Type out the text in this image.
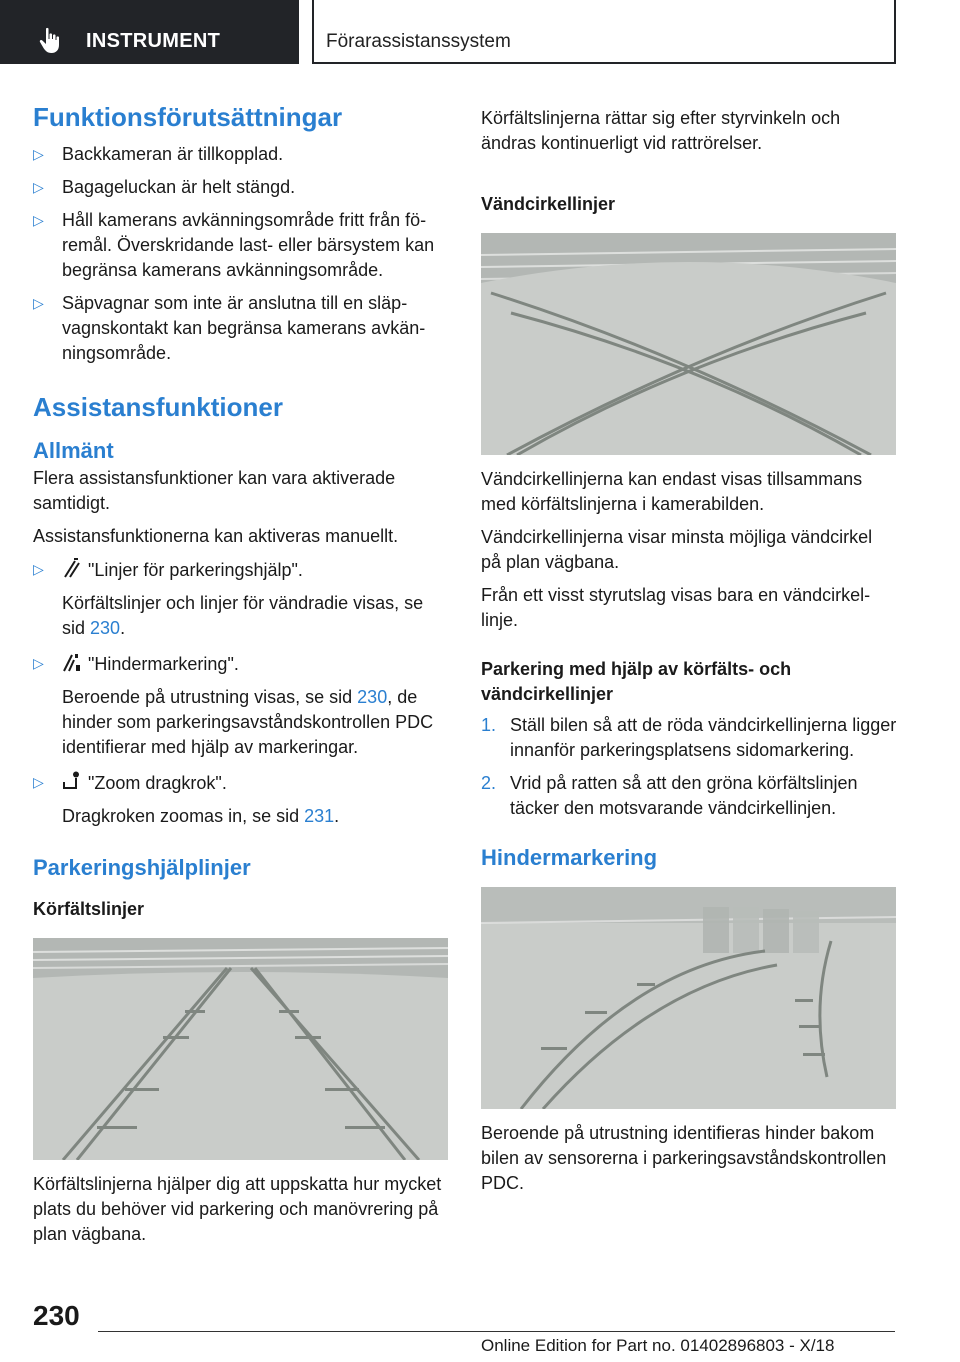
INSTRUMENT	Förarassistanssystem
Funktionsförutsättningar
▷ Backkameran är tillkopplad.
▷ Bagageluckan är helt stängd.
▷ Håll kamerans avkänningsområde fritt från föremål. Överskridande last- eller bärsystem kan begränsa kamerans avkänningsområde.
▷ Säpvagnar som inte är anslutna till en släpvagnskontakt kan begränsa kamerans avkänningsområde.
Assistansfunktioner
Allmänt

Flera assistansfunktioner kan vara aktiverade samtidigt.

Assistansfunktionerna kan aktiveras manuellt.

▷ "Linjer för parkeringshjälp".
Körfältslinjer och linjer för vändradie visas, se sid 230.
▷ "Hindermarkering".
Beroende på utrustning visas, se sid 230, de hinder som parkeringsavståndskontrollen PDC identifierar med hjälp av markeringar.
▷ "Zoom dragkrok".
Dragkroken zoomas in, se sid 231.
Parkeringshjälplinjer
Körfältslinjer

Körfältslinjerna hjälper dig att uppskatta hur mycket plats du behöver vid parkering och manövrering på plan vägbana.

Körfältslinjerna rättar sig efter styrvinkeln och ändras kontinuerligt vid rattrörelser.

Vändcirkellinjer

Vändcirkellinjerna kan endast visas tillsammans med körfältslinjerna i kamerabilden.

Vändcirkellinjerna visar minsta möjliga vändcirkel på plan vägbana.

Från ett visst styrutslag visas bara en vändcirkellinje.

Parkering med hjälp av körfälts- och vändcirkellinjer
1. Ställ bilen så att de röda vändcirkellinjerna ligger innanför parkeringsplatsens sidomarkering.
2. Vrid på ratten så att den gröna körfältslinjen täcker den motsvarande vändcirkellinjen.
Hindermarkering

Beroende på utrustning identifieras hinder bakom bilen av sensorerna i parkeringsavståndskontrollen PDC.

230
Online Edition for Part no. 01402896803 - X/18
